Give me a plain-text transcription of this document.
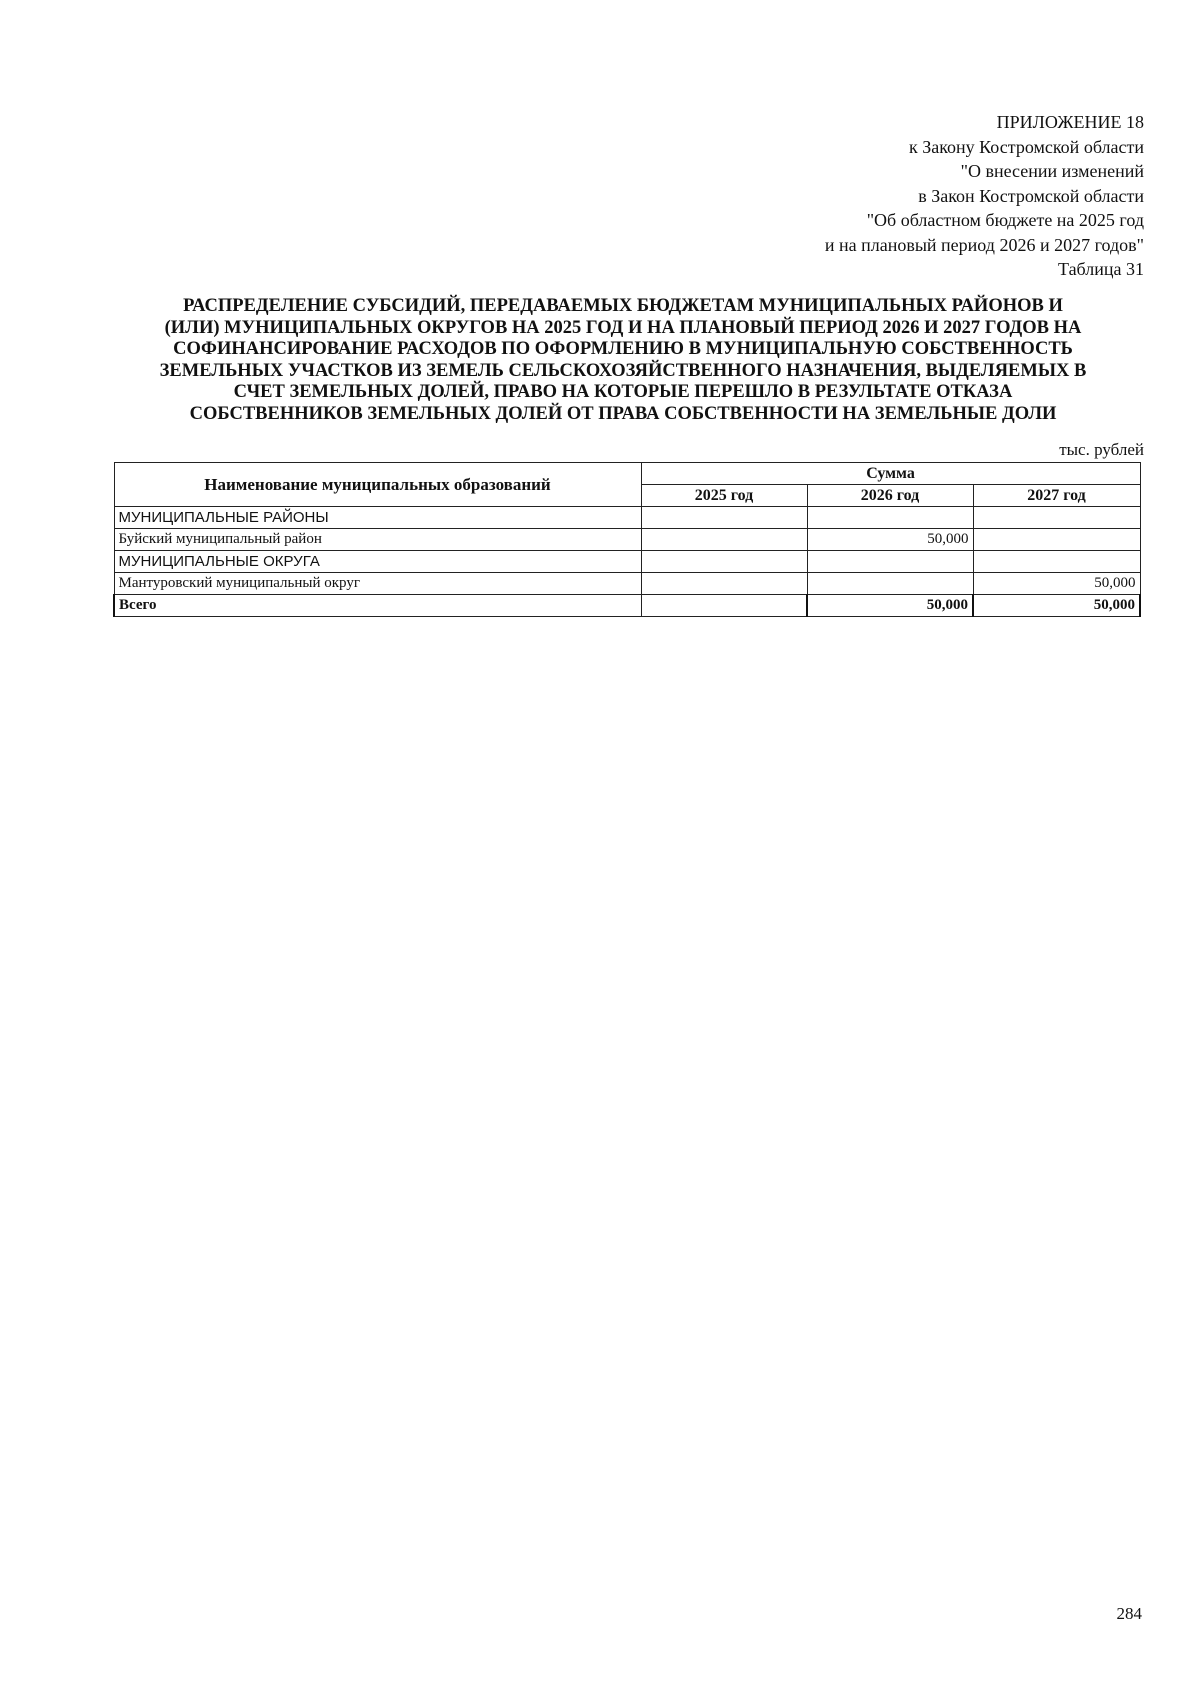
ПРИЛОЖЕНИЕ 18
к Закону Костромской области
"О внесении изменений
в Закон Костромской области
"Об областном бюджете на 2025 год
и на плановый период 2026 и 2027 годов"
Таблица 31
РАСПРЕДЕЛЕНИЕ СУБСИДИЙ, ПЕРЕДАВАЕМЫХ БЮДЖЕТАМ МУНИЦИПАЛЬНЫХ РАЙОНОВ И
(ИЛИ) МУНИЦИПАЛЬНЫХ ОКРУГОВ НА 2025 ГОД И НА ПЛАНОВЫЙ ПЕРИОД 2026 И 2027 ГОДОВ НА
СОФИНАНСИРОВАНИЕ РАСХОДОВ ПО ОФОРМЛЕНИЮ В МУНИЦИПАЛЬНУЮ СОБСТВЕННОСТЬ
ЗЕМЕЛЬНЫХ УЧАСТКОВ ИЗ ЗЕМЕЛЬ СЕЛЬСКОХОЗЯЙСТВЕННОГО НАЗНАЧЕНИЯ, ВЫДЕЛЯЕМЫХ В
СЧЕТ ЗЕМЕЛЬНЫХ ДОЛЕЙ, ПРАВО НА КОТОРЫЕ ПЕРЕШЛО В РЕЗУЛЬТАТЕ ОТКАЗА
СОБСТВЕННИКОВ ЗЕМЕЛЬНЫХ ДОЛЕЙ ОТ ПРАВА СОБСТВЕННОСТИ НА ЗЕМЕЛЬНЫЕ ДОЛИ
тыс. рублей
Наименование муниципальных образований	Сумма		
	2025 год	2026 год	2027 год
МУНИЦИПАЛЬНЫЕ РАЙОНЫ			
Буйский муниципальный район		50,000	
МУНИЦИПАЛЬНЫЕ ОКРУГА			
Мантуровский муниципальный округ			50,000
Всего		50,000	50,000
284
